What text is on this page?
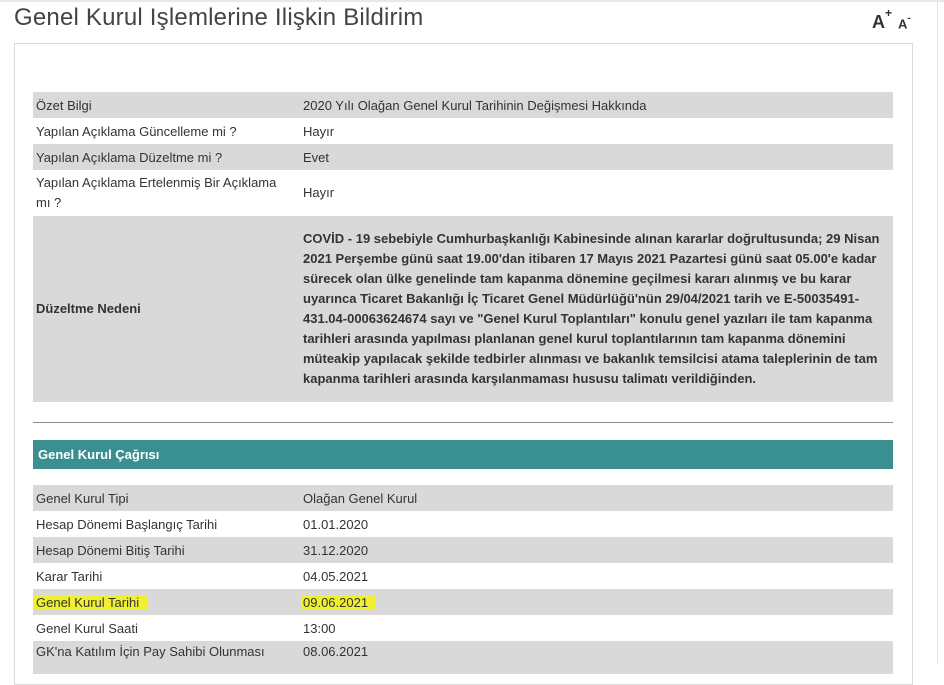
Genel Kurul Işlemlerine Ilişkin Bildirim	A+
A-
Özet Bilgi	2020 Yılı Olağan Genel Kurul Tarihinin Değişmesi Hakkında
Yapılan Açıklama Güncelleme mi ?	Hayır
Yapılan Açıklama Düzeltme mi ?	Evet
Yapılan Açıklama Ertelenmiş Bir Açıklama mı ?	Hayır
Düzeltme Nedeni	COVİD - 19 sebebiyle Cumhurbaşkanlığı Kabinesinde alınan kararlar doğrultusunda; 29 Nisan 2021 Perşembe günü saat 19.00'dan itibaren 17 Mayıs 2021 Pazartesi günü saat 05.00'e kadar sürecek olan ülke genelinde tam kapanma dönemine geçilmesi kararı alınmış ve bu karar uyarınca Ticaret Bakanlığı İç Ticaret Genel Müdürlüğü'nün 29/04/2021 tarih ve E-50035491-431.04-00063624674 sayı ve "Genel Kurul Toplantıları" konulu genel yazıları ile tam kapanma tarihleri arasında yapılması planlanan genel kurul toplantılarının tam kapanma dönemini müteakip yapılacak şekilde tedbirler alınması ve bakanlık temsilcisi atama taleplerinin de tam kapanma tarihleri arasında karşılanmaması hususu talimatı verildiğinden.
Genel Kurul Çağrısı
Genel Kurul Tipi	Olağan Genel Kurul
Hesap Dönemi Başlangıç Tarihi	01.01.2020
Hesap Dönemi Bitiş Tarihi	31.12.2020
Karar Tarihi	04.05.2021
Genel Kurul Tarihi	09.06.2021
Genel Kurul Saati	13:00
GK'na Katılım İçin Pay Sahibi Olunması	08.06.2021
